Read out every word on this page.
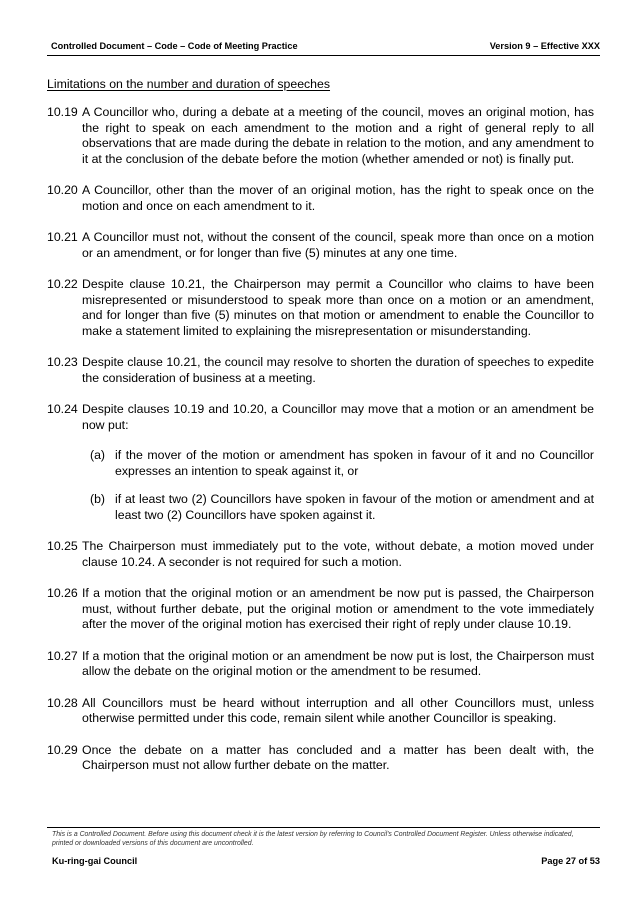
Controlled Document – Code – Code of Meeting Practice	Version 9 – Effective XXX
Limitations on the number and duration of speeches
10.19 A Councillor who, during a debate at a meeting of the council, moves an original motion, has the right to speak on each amendment to the motion and a right of general reply to all observations that are made during the debate in relation to the motion, and any amendment to it at the conclusion of the debate before the motion (whether amended or not) is finally put.

10.20 A Councillor, other than the mover of an original motion, has the right to speak once on the motion and once on each amendment to it.

10.21 A Councillor must not, without the consent of the council, speak more than once on a motion or an amendment, or for longer than five (5) minutes at any one time.

10.22 Despite clause 10.21, the Chairperson may permit a Councillor who claims to have been misrepresented or misunderstood to speak more than once on a motion or an amendment, and for longer than five (5) minutes on that motion or amendment to enable the Councillor to make a statement limited to explaining the misrepresentation or misunderstanding.

10.23 Despite clause 10.21, the council may resolve to shorten the duration of speeches to expedite the consideration of business at a meeting.

10.24 Despite clauses 10.19 and 10.20, a Councillor may move that a motion or an amendment be now put:

(a) if the mover of the motion or amendment has spoken in favour of it and no Councillor expresses an intention to speak against it, or
(b) if at least two (2) Councillors have spoken in favour of the motion or amendment and at least two (2) Councillors have spoken against it.
10.25 The Chairperson must immediately put to the vote, without debate, a motion moved under clause 10.24. A seconder is not required for such a motion.

10.26 If a motion that the original motion or an amendment be now put is passed, the Chairperson must, without further debate, put the original motion or amendment to the vote immediately after the mover of the original motion has exercised their right of reply under clause 10.19.

10.27 If a motion that the original motion or an amendment be now put is lost, the Chairperson must allow the debate on the original motion or the amendment to be resumed.

10.28 All Councillors must be heard without interruption and all other Councillors must, unless otherwise permitted under this code, remain silent while another Councillor is speaking.

10.29 Once the debate on a matter has concluded and a matter has been dealt with, the Chairperson must not allow further debate on the matter.

This is a Controlled Document. Before using this document check it is the latest version by referring to Council's Controlled Document Register. Unless otherwise indicated, printed or downloaded versions of this document are uncontrolled.
Ku-ring-gai Council	Page 27 of 53
